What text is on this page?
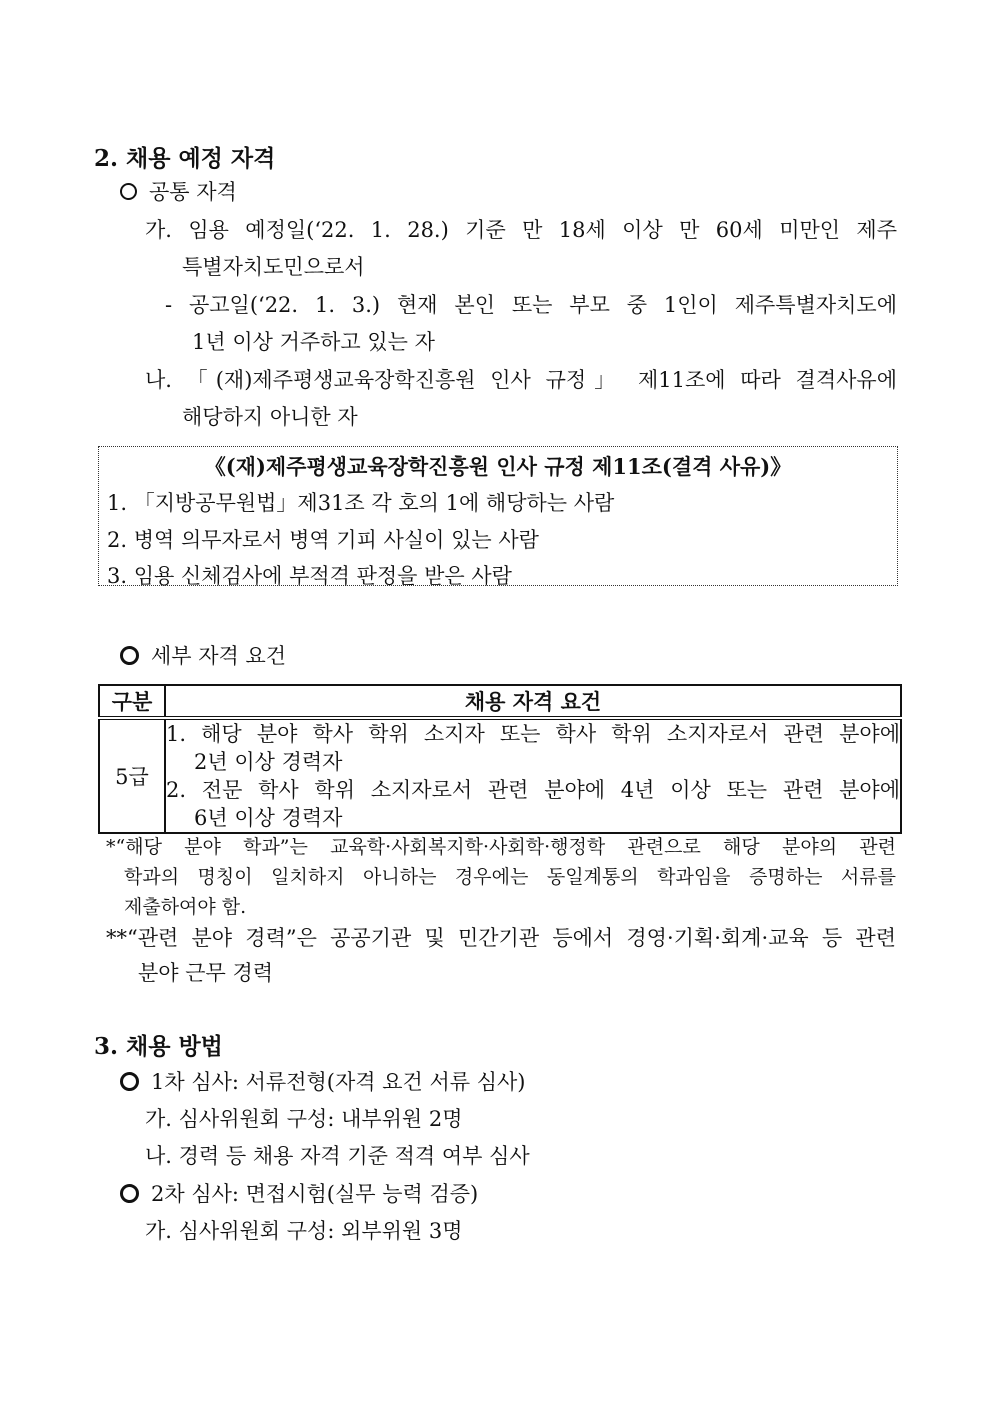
2. 채용 예정 자격
공통 자격
가. 임용 예정일(‘22. 1. 28.) 기준 만 18세 이상 만 60세 미만인 제주
특별자치도민으로서
- 공고일(‘22. 1. 3.) 현재 본인 또는 부모 중 1인이 제주특별자치도에
1년 이상 거주하고 있는 자
나. 「(재)제주평생교육장학진흥원 인사 규정」 제11조에 따라 결격사유에
해당하지 아니한 자
《(재)제주평생교육장학진흥원 인사 규정 제11조(결격 사유)》
1. 「지방공무원법」제31조 각 호의 1에 해당하는 사람
2. 병역 의무자로서 병역 기피 사실이 있는 사람
3. 임용 신체검사에 부적격 판정을 받은 사람
세부 자격 요건
구분	채용 자격 요건
5급	1. 해당 분야 학사 학위 소지자 또는 학사 학위 소지자로서 관련 분야에
2년 이상 경력자
2. 전문 학사 학위 소지자로서 관련 분야에 4년 이상 또는 관련 분야에
6년 이상 경력자
*“해당 분야 학과”는 교육학·사회복지학·사회학·행정학 관련으로 해당 분야의 관련
학과의 명칭이 일치하지 아니하는 경우에는 동일계통의 학과임을 증명하는 서류를
제출하여야 함.
**“관련 분야 경력”은 공공기관 및 민간기관 등에서 경영·기획·회계·교육 등 관련
분야 근무 경력
3. 채용 방법
1차 심사: 서류전형(자격 요건 서류 심사)
가. 심사위원회 구성: 내부위원 2명
나. 경력 등 채용 자격 기준 적격 여부 심사
2차 심사: 면접시험(실무 능력 검증)
가. 심사위원회 구성: 외부위원 3명
